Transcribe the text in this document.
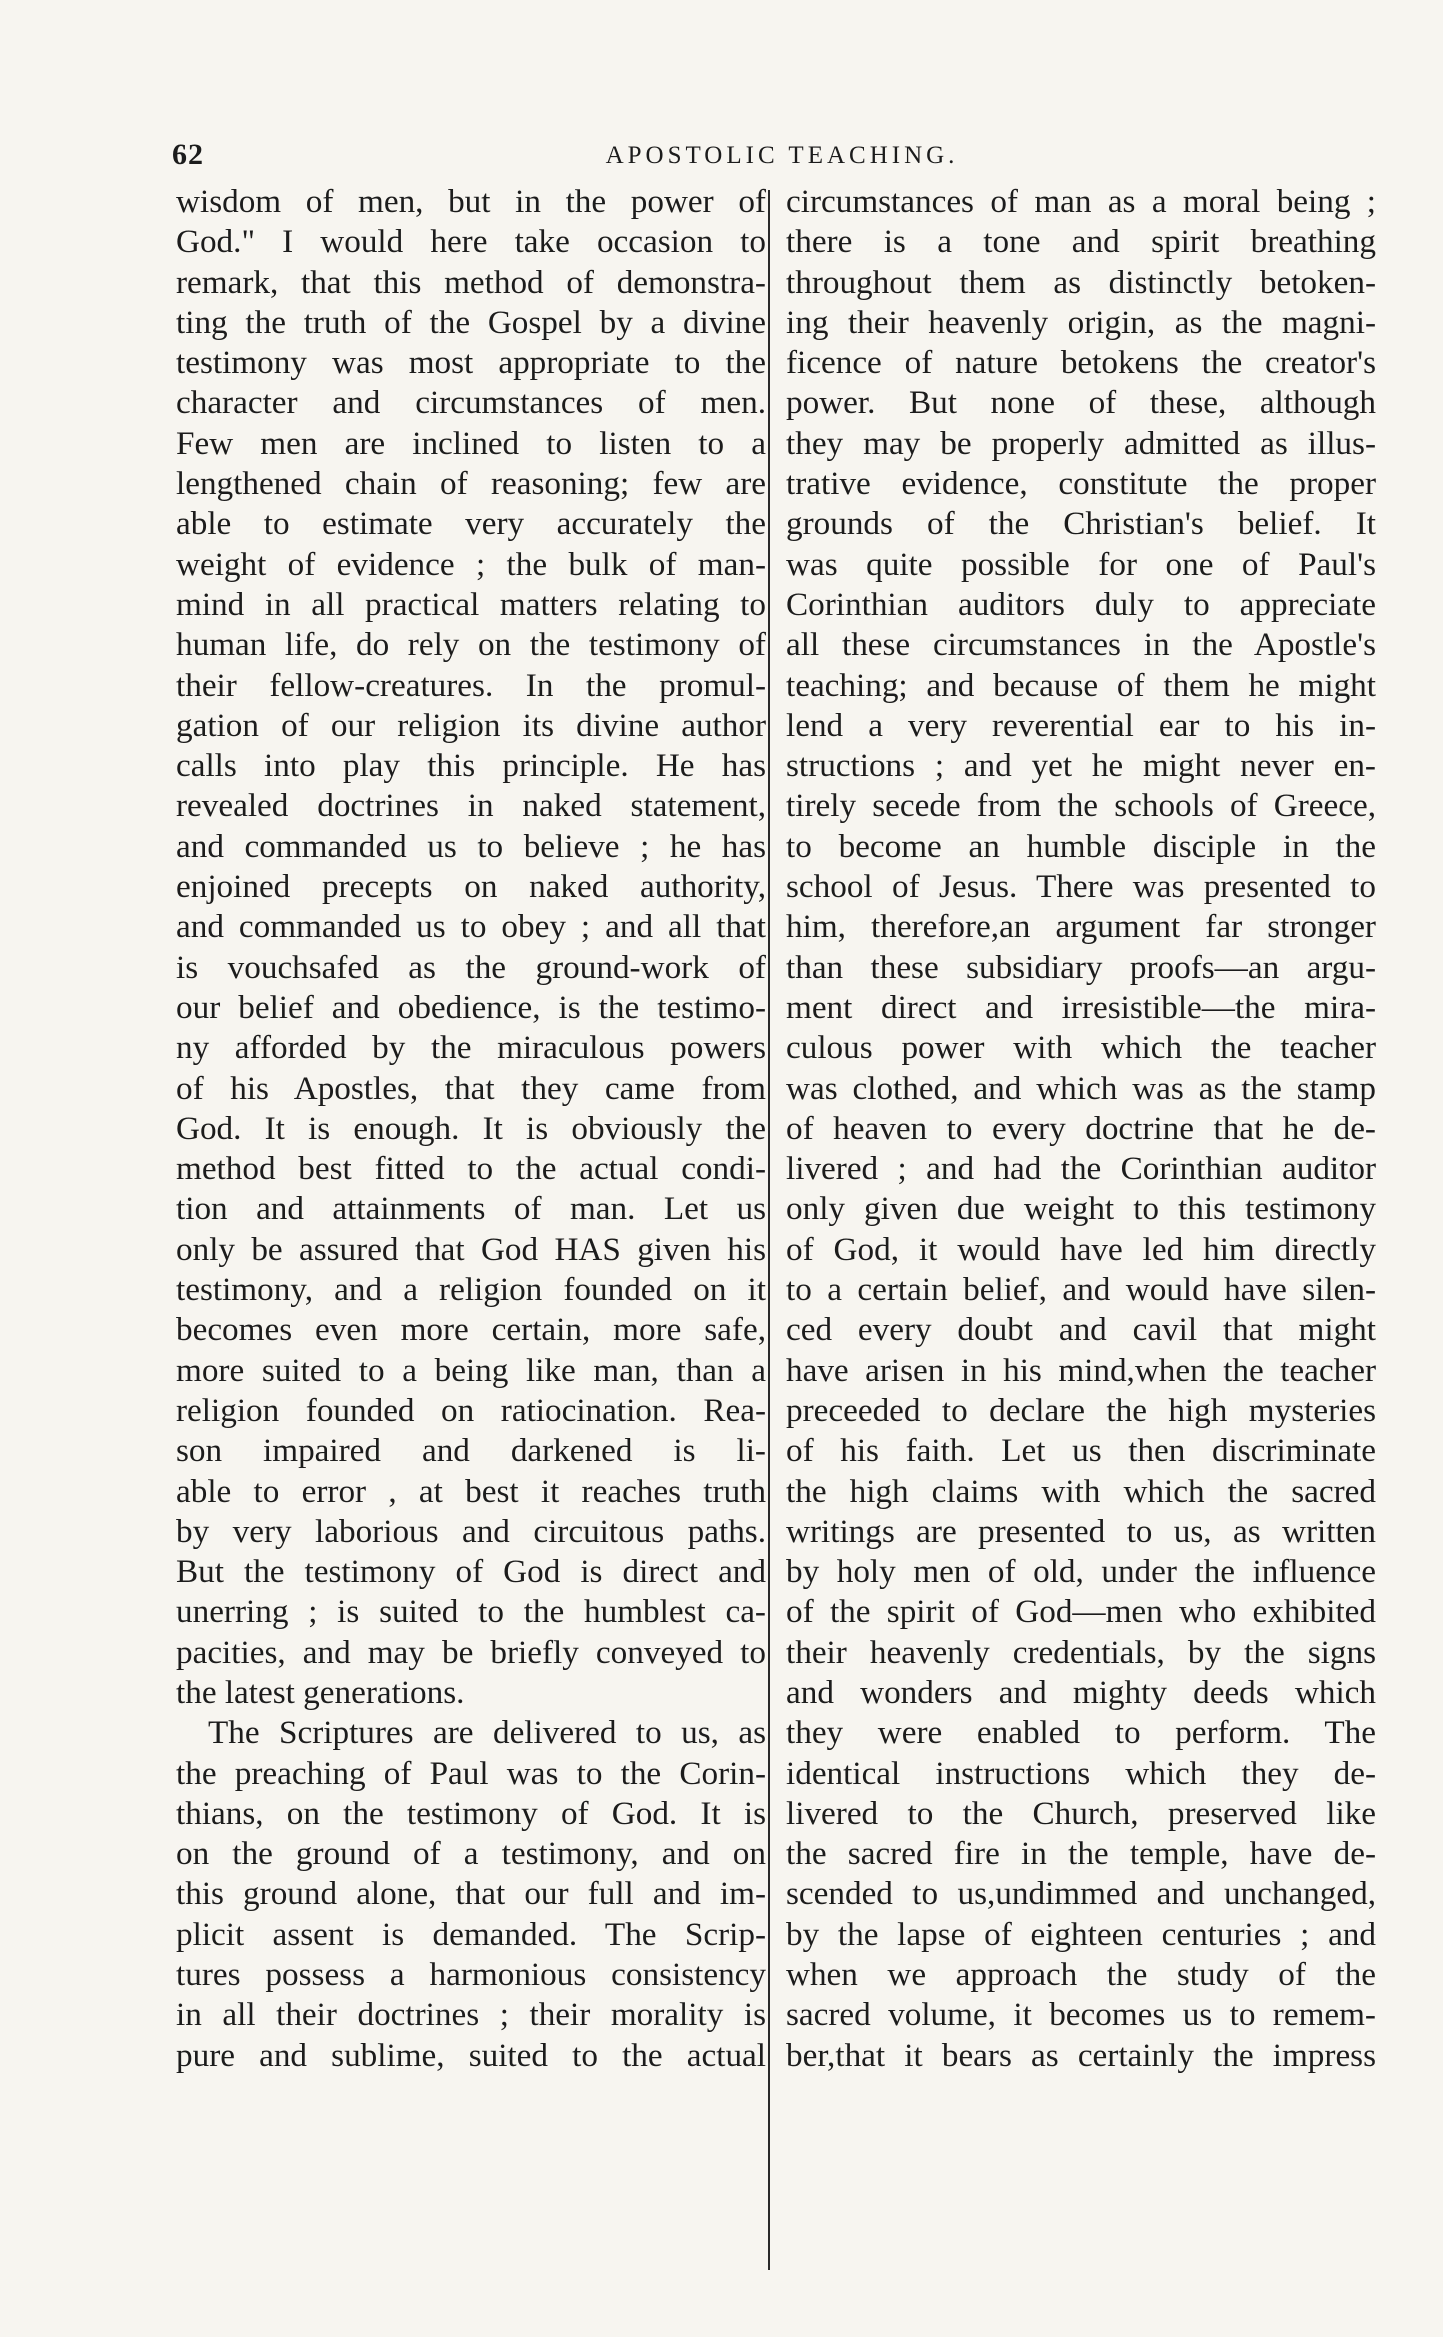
62	APOSTOLIC TEACHING.
wisdom of men, but in the power of
God." I would here take occasion to
remark, that this method of demonstra-
ting the truth of the Gospel by a divine
testimony was most appropriate to the
character and circumstances of men.
Few men are inclined to listen to a
lengthened chain of reasoning; few are
able to estimate very accurately the
weight of evidence ; the bulk of man-
mind in all practical matters relating to
human life, do rely on the testimony of
their fellow-creatures. In the promul-
gation of our religion its divine author
calls into play this principle. He has
revealed doctrines in naked statement,
and commanded us to believe ; he has
enjoined precepts on naked authority,
and commanded us to obey ; and all that
is vouchsafed as the ground-work of
our belief and obedience, is the testimo-
ny afforded by the miraculous powers
of his Apostles, that they came from
God. It is enough. It is obviously the
method best fitted to the actual condi-
tion and attainments of man. Let us
only be assured that God HAS given his
testimony, and a religion founded on it
becomes even more certain, more safe,
more suited to a being like man, than a
religion founded on ratiocination. Rea-
son impaired and darkened is li-
able to error , at best it reaches truth
by very laborious and circuitous paths.
But the testimony of God is direct and
unerring ; is suited to the humblest ca-
pacities, and may be briefly conveyed to
the latest generations.
The Scriptures are delivered to us, as
the preaching of Paul was to the Corin-
thians, on the testimony of God. It is
on the ground of a testimony, and on
this ground alone, that our full and im-
plicit assent is demanded. The Scrip-
tures possess a harmonious consistency
in all their doctrines ; their morality is
pure and sublime, suited to the actual
circumstances of man as a moral being ;
there is a tone and spirit breathing
throughout them as distinctly betoken-
ing their heavenly origin, as the magni-
ficence of nature betokens the creator's
power. But none of these, although
they may be properly admitted as illus-
trative evidence, constitute the proper
grounds of the Christian's belief. It
was quite possible for one of Paul's
Corinthian auditors duly to appreciate
all these circumstances in the Apostle's
teaching; and because of them he might
lend a very reverential ear to his in-
structions ; and yet he might never en-
tirely secede from the schools of Greece,
to become an humble disciple in the
school of Jesus. There was presented to
him, therefore,an argument far stronger
than these subsidiary proofs—an argu-
ment direct and irresistible—the mira-
culous power with which the teacher
was clothed, and which was as the stamp
of heaven to every doctrine that he de-
livered ; and had the Corinthian auditor
only given due weight to this testimony
of God, it would have led him directly
to a certain belief, and would have silen-
ced every doubt and cavil that might
have arisen in his mind,when the teacher
preceeded to declare the high mysteries
of his faith. Let us then discriminate
the high claims with which the sacred
writings are presented to us, as written
by holy men of old, under the influence
of the spirit of God—men who exhibited
their heavenly credentials, by the signs
and wonders and mighty deeds which
they were enabled to perform. The
identical instructions which they de-
livered to the Church, preserved like
the sacred fire in the temple, have de-
scended to us,undimmed and unchanged,
by the lapse of eighteen centuries ; and
when we approach the study of the
sacred volume, it becomes us to remem-
ber,that it bears as certainly the impress
